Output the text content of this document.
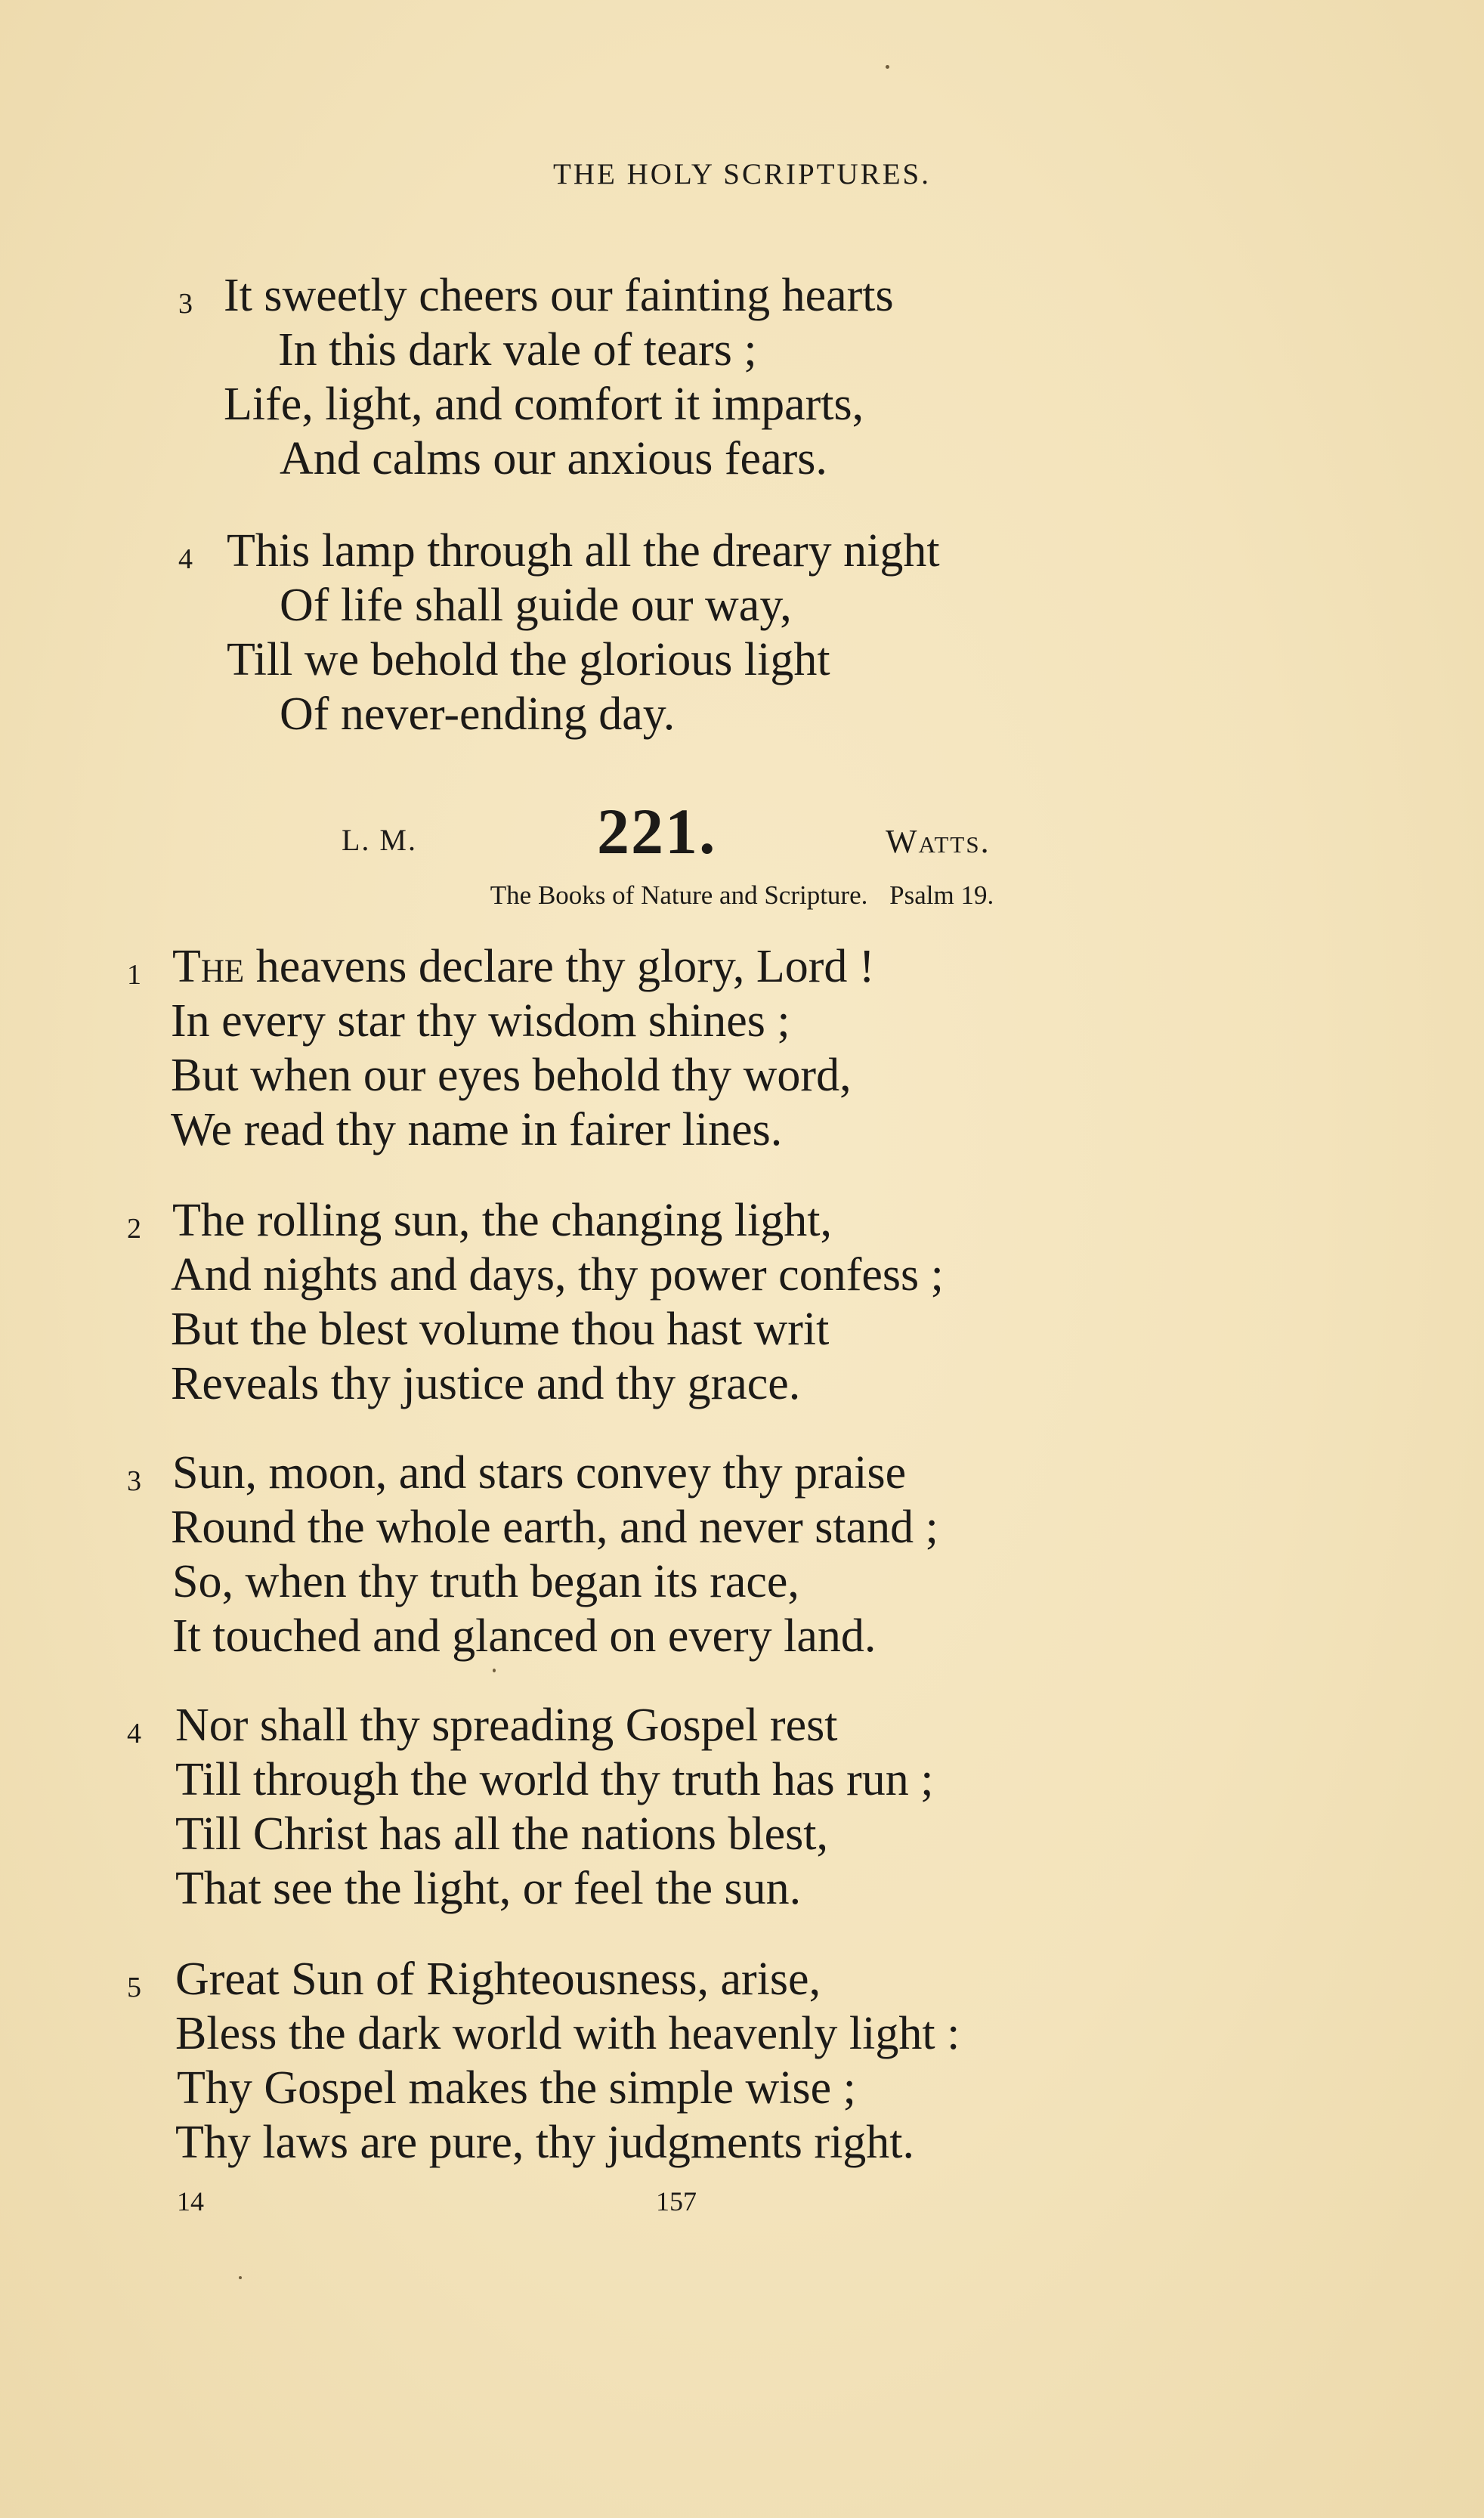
THE HOLY SCRIPTURES.
3 It sweetly cheers our fainting hearts
In this dark vale of tears ;
Life, light, and comfort it imparts,
And calms our anxious fears.
4 This lamp through all the dreary night
Of life shall guide our way,
Till we behold the glorious light
Of never-ending day.
L. M.	221.	Watts.
The Books of Nature and Scripture. Psalm 19.
1 The heavens declare thy glory, Lord !
In every star thy wisdom shines ;
But when our eyes behold thy word,
We read thy name in fairer lines.
2 The rolling sun, the changing light,
And nights and days, thy power confess ;
But the blest volume thou hast writ
Reveals thy justice and thy grace.
3 Sun, moon, and stars convey thy praise
Round the whole earth, and never stand ;
So, when thy truth began its race,
It touched and glanced on every land.
4 Nor shall thy spreading Gospel rest
Till through the world thy truth has run ;
Till Christ has all the nations blest,
That see the light, or feel the sun.
5 Great Sun of Righteousness, arise,
Bless the dark world with heavenly light :
Thy Gospel makes the simple wise ;
Thy laws are pure, thy judgments right.
14	157
